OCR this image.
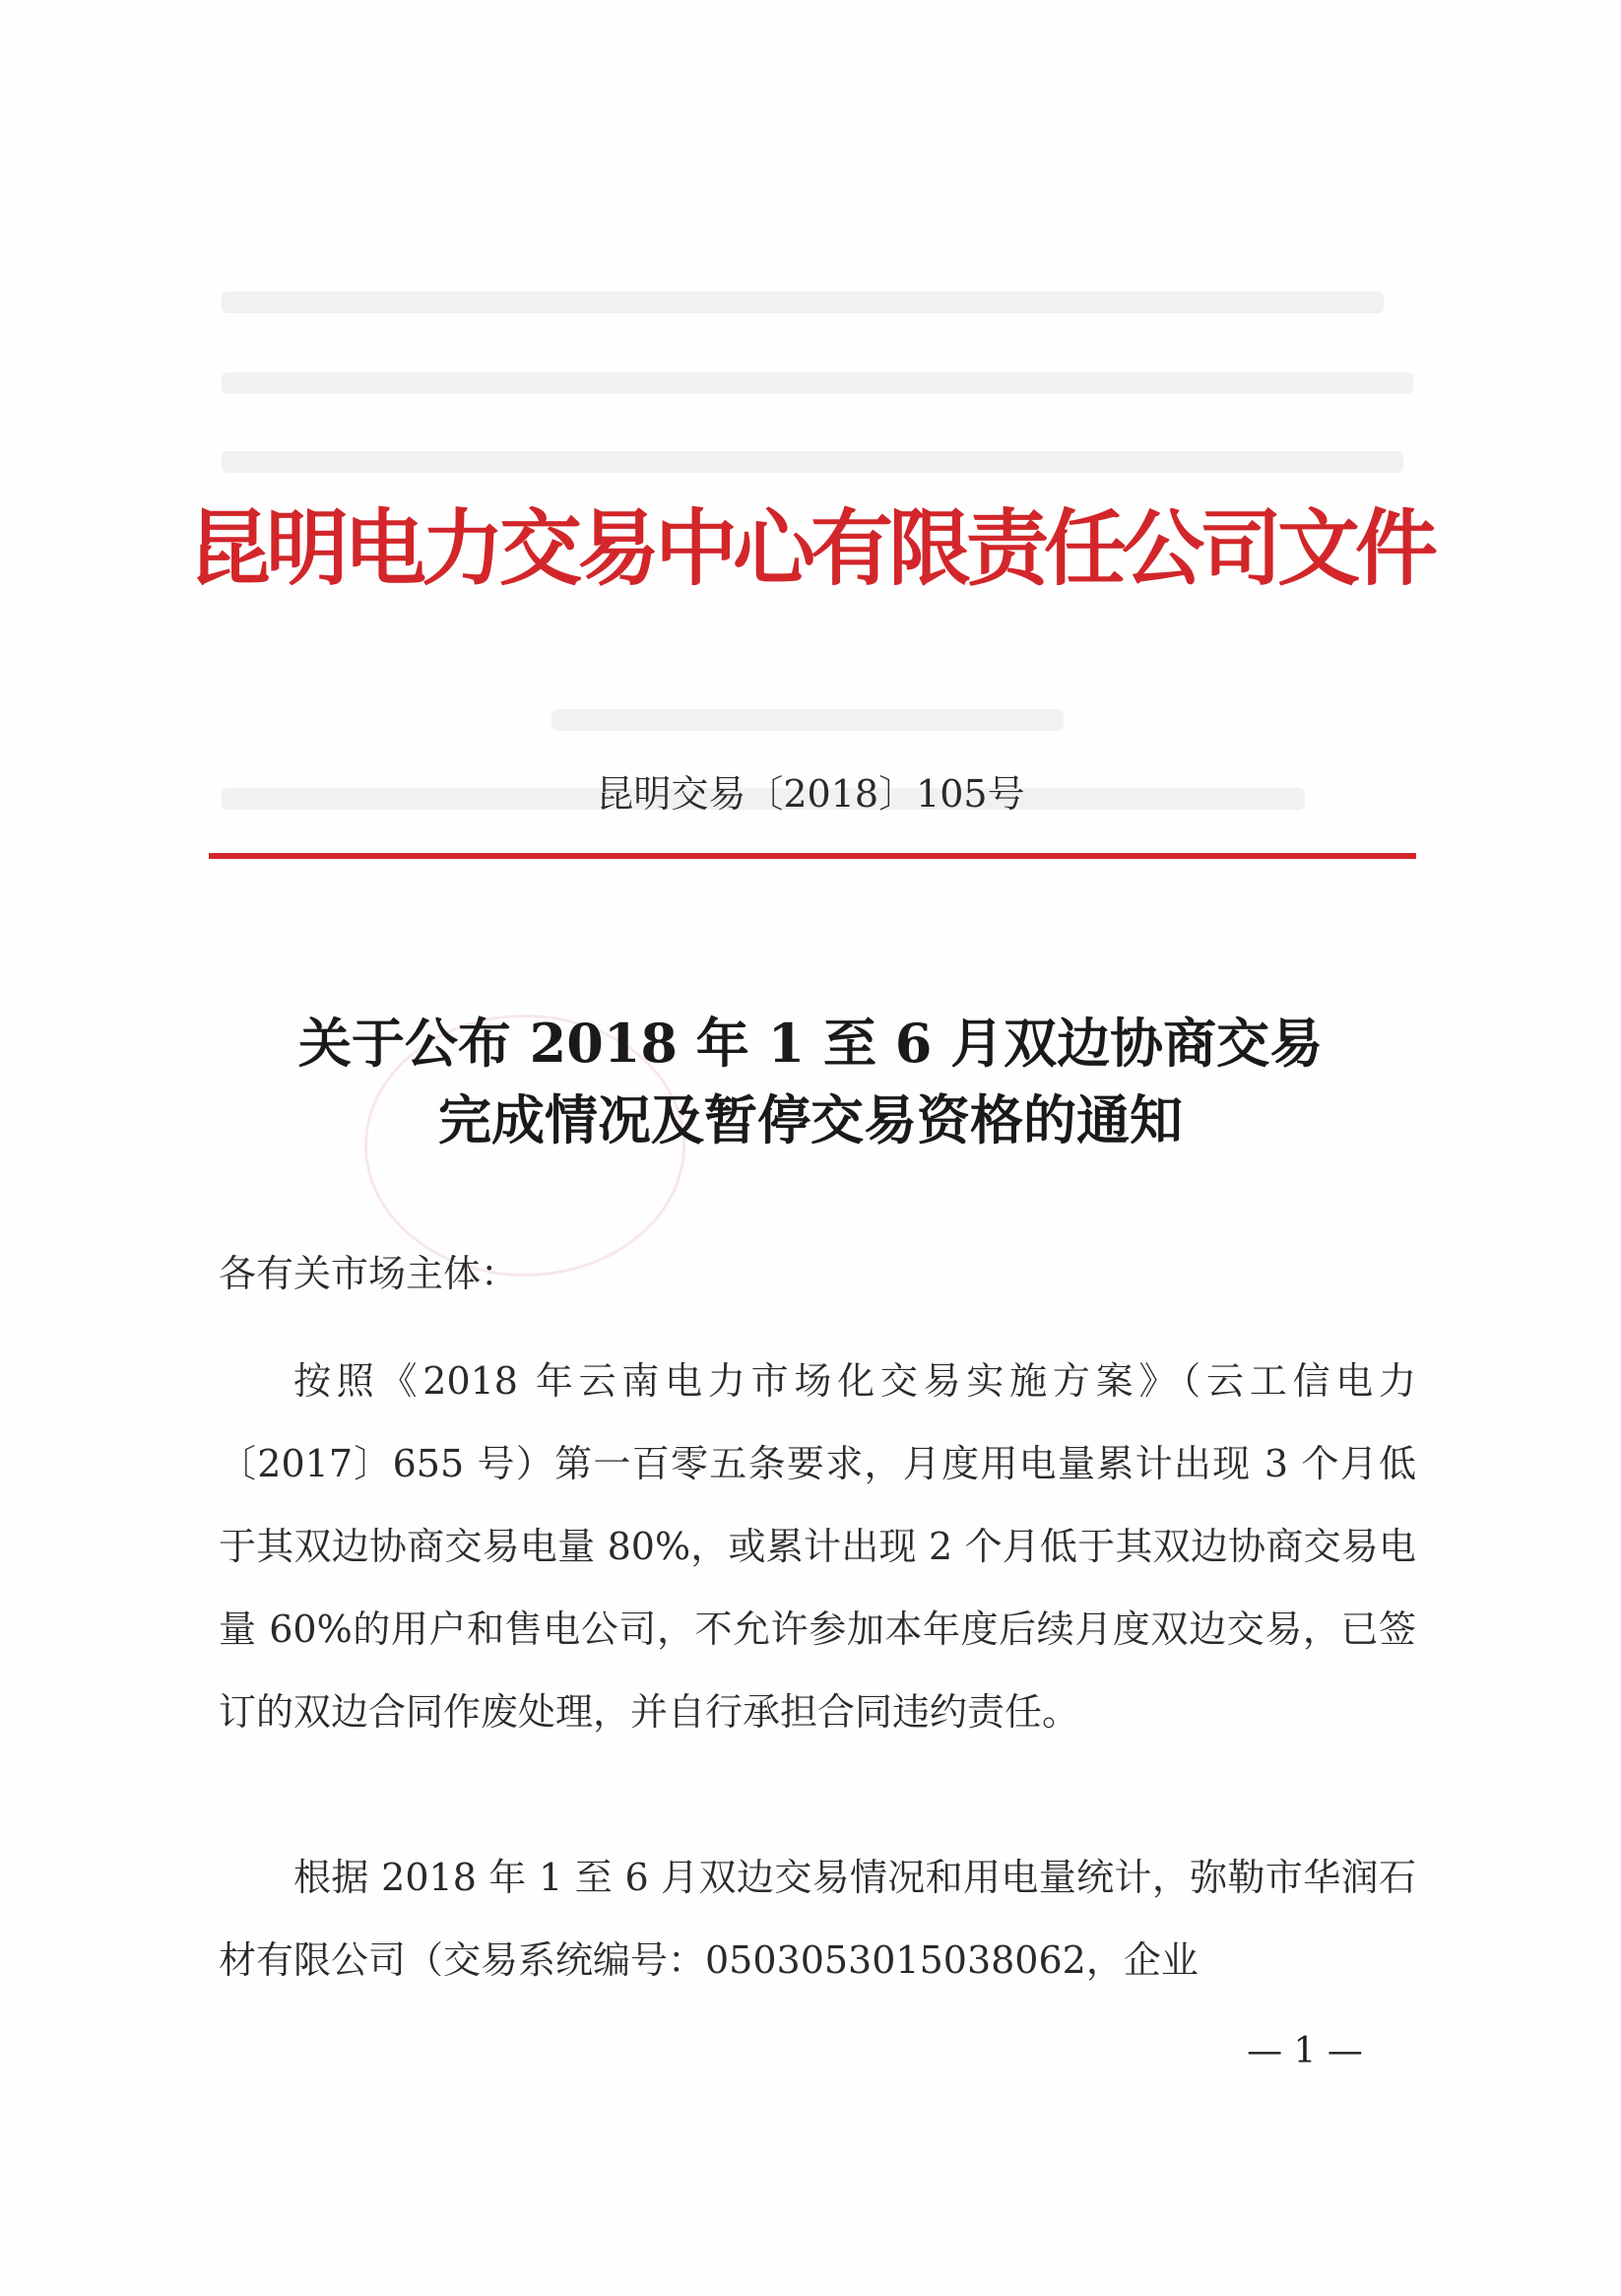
昆明电力交易中心有限责任公司文件
昆明交易〔2018〕105号
关于公布 2018 年 1 至 6 月双边协商交易
完成情况及暂停交易资格的通知

各有关市场主体：

按照《2018 年云南电力市场化交易实施方案》（云工信电力〔2017〕655 号）第一百零五条要求，月度用电量累计出现 3 个月低于其双边协商交易电量 80%，或累计出现 2 个月低于其双边协商交易电量 60%的用户和售电公司，不允许参加本年度后续月度双边交易，已签订的双边合同作废处理，并自行承担合同违约责任。

根据 2018 年 1 至 6 月双边交易情况和用电量统计，弥勒市华润石材有限公司（交易系统编号：0503053015038062，企业

— 1 —
